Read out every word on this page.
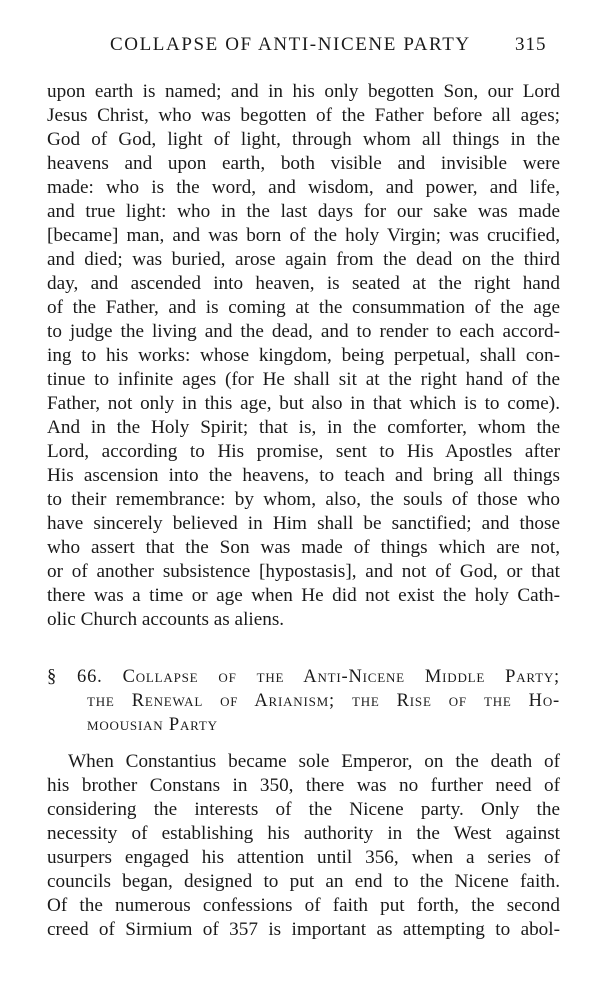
COLLAPSE OF ANTI-NICENE PARTY 315
upon earth is named; and in his only begotten Son, our Lord
Jesus Christ, who was begotten of the Father before all ages;
God of God, light of light, through whom all things in the
heavens and upon earth, both visible and invisible were
made: who is the word, and wisdom, and power, and life,
and true light: who in the last days for our sake was made
[became] man, and was born of the holy Virgin; was crucified,
and died; was buried, arose again from the dead on the third
day, and ascended into heaven, is seated at the right hand
of the Father, and is coming at the consummation of the age
to judge the living and the dead, and to render to each accord-
ing to his works: whose kingdom, being perpetual, shall con-
tinue to infinite ages (for He shall sit at the right hand of the
Father, not only in this age, but also in that which is to come).
And in the Holy Spirit; that is, in the comforter, whom the
Lord, according to His promise, sent to His Apostles after
His ascension into the heavens, to teach and bring all things
to their remembrance: by whom, also, the souls of those who
have sincerely believed in Him shall be sanctified; and those
who assert that the Son was made of things which are not,
or of another subsistence [hypostasis], and not of God, or that
there was a time or age when He did not exist the holy Cath-
olic Church accounts as aliens.
§ 66. Collapse of the Anti-Nicene Middle Party;
the Renewal of Arianism; the Rise of the Ho-
moousian Party
When Constantius became sole Emperor, on the death of
his brother Constans in 350, there was no further need of
considering the interests of the Nicene party. Only the
necessity of establishing his authority in the West against
usurpers engaged his attention until 356, when a series of
councils began, designed to put an end to the Nicene faith.
Of the numerous confessions of faith put forth, the second
creed of Sirmium of 357 is important as attempting to abol-
